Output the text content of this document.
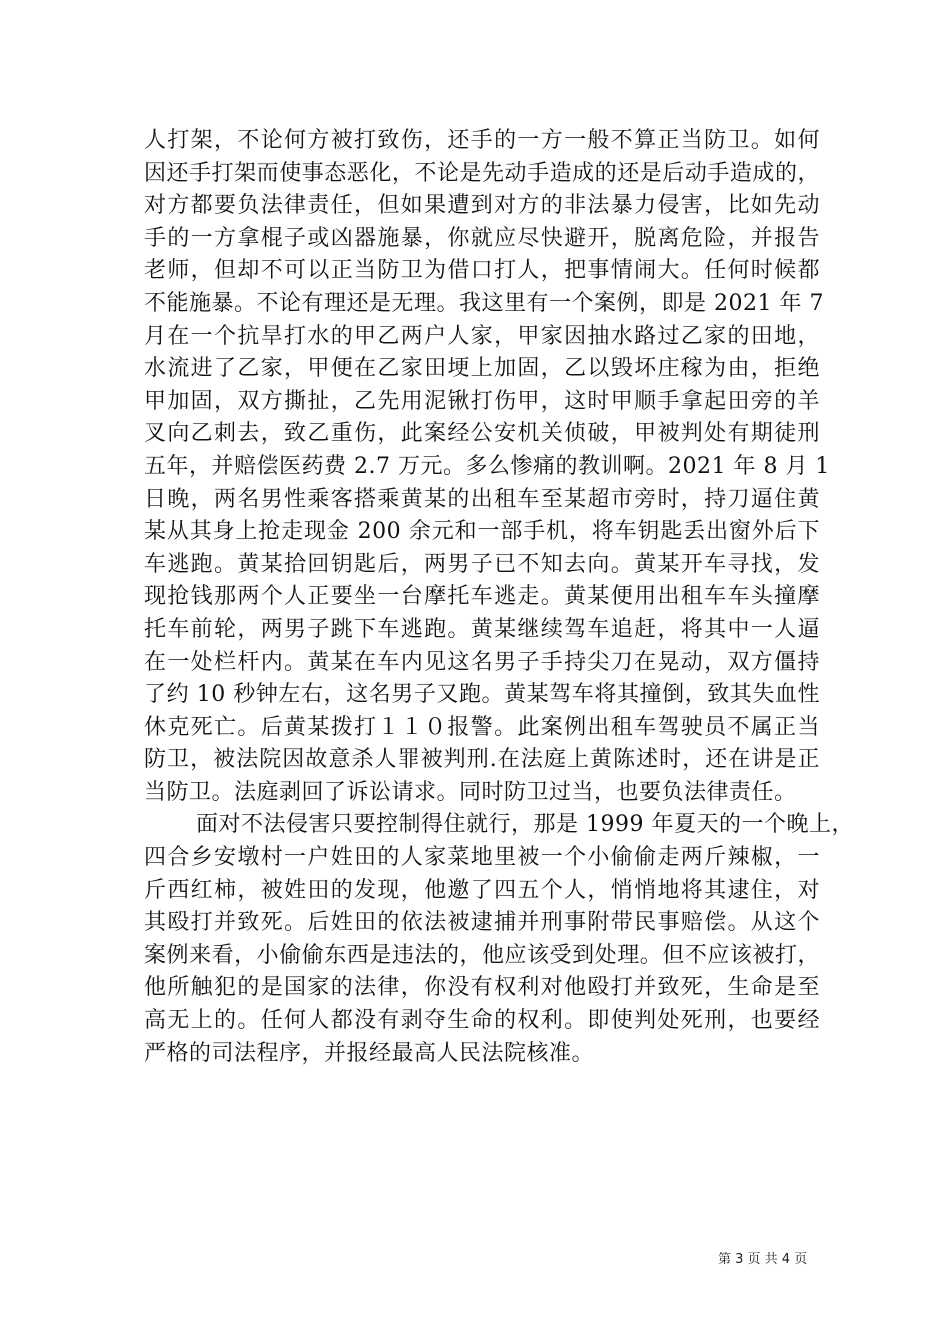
人打架，不论何方被打致伤，还手的一方一般不算正当防卫。如何
因还手打架而使事态恶化，不论是先动手造成的还是后动手造成的，
对方都要负法律责任，但如果遭到对方的非法暴力侵害，比如先动
手的一方拿棍子或凶器施暴，你就应尽快避开，脱离危险，并报告
老师，但却不可以正当防卫为借口打人，把事情闹大。任何时候都
不能施暴。不论有理还是无理。我这里有一个案例，即是 2021 年 7
月在一个抗旱打水的甲乙两户人家，甲家因抽水路过乙家的田地，
水流进了乙家，甲便在乙家田埂上加固，乙以毁坏庄稼为由，拒绝
甲加固，双方撕扯，乙先用泥锹打伤甲，这时甲顺手拿起田旁的羊
叉向乙刺去，致乙重伤，此案经公安机关侦破，甲被判处有期徒刑
五年，并赔偿医药费 2.7 万元。多么惨痛的教训啊。2021 年 8 月 1
日晚，两名男性乘客搭乘黄某的出租车至某超市旁时，持刀逼住黄
某从其身上抢走现金 200 余元和一部手机，将车钥匙丢出窗外后下
车逃跑。黄某拾回钥匙后，两男子已不知去向。黄某开车寻找，发
现抢钱那两个人正要坐一台摩托车逃走。黄某便用出租车车头撞摩
托车前轮，两男子跳下车逃跑。黄某继续驾车追赶，将其中一人逼
在一处栏杆内。黄某在车内见这名男子手持尖刀在晃动，双方僵持
了约 10 秒钟左右，这名男子又跑。黄某驾车将其撞倒，致其失血性
休克死亡。后黄某拨打１１０报警。此案例出租车驾驶员不属正当
防卫，被法院因故意杀人罪被判刑.在法庭上黄陈述时，还在讲是正
当防卫。法庭剥回了诉讼请求。同时防卫过当，也要负法律责任。
面对不法侵害只要控制得住就行，那是 1999 年夏天的一个晚上，
四合乡安墩村一户姓田的人家菜地里被一个小偷偷走两斤辣椒，一
斤西红柿，被姓田的发现，他邀了四五个人，悄悄地将其逮住，对
其殴打并致死。后姓田的依法被逮捕并刑事附带民事赔偿。从这个
案例来看，小偷偷东西是违法的，他应该受到处理。但不应该被打，
他所触犯的是国家的法律，你没有权利对他殴打并致死，生命是至
高无上的。任何人都没有剥夺生命的权利。即使判处死刑，也要经
严格的司法程序，并报经最高人民法院核准。
第 3 页 共 4 页
